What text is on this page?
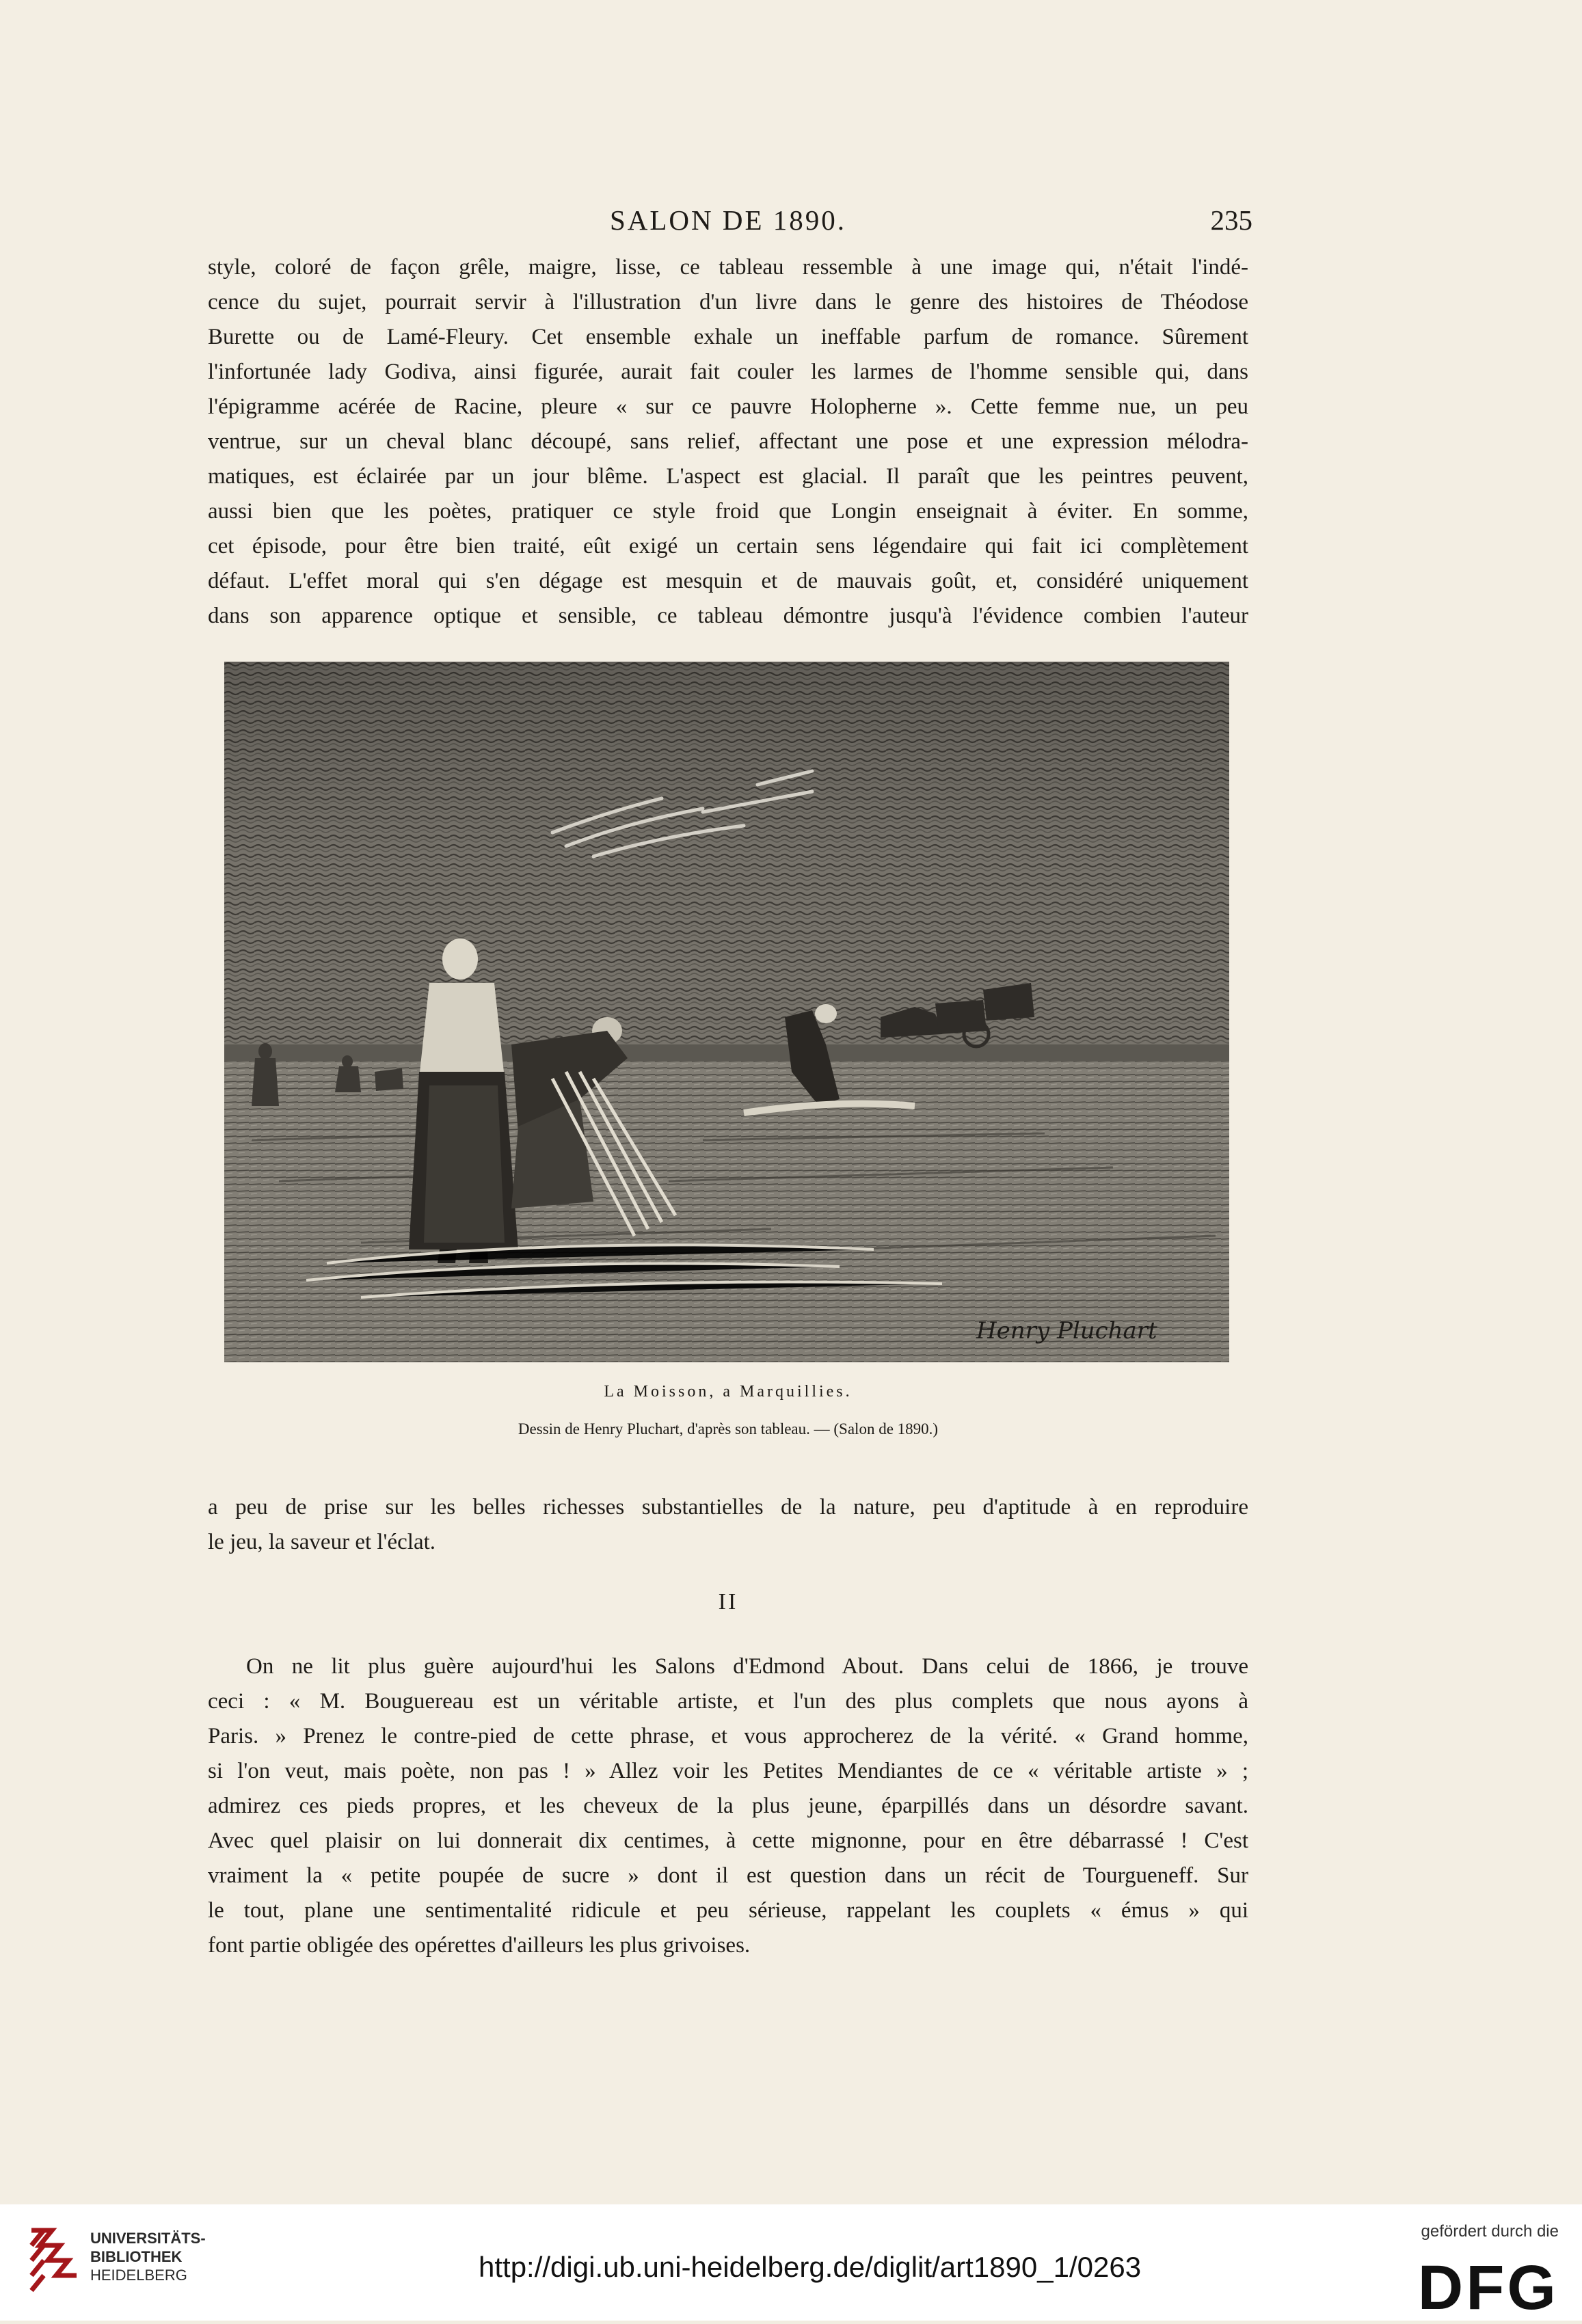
SALON DE 1890.	235
style, coloré de façon grêle, maigre, lisse, ce tableau ressemble à une image qui, n'était l'indé-
cence du sujet, pourrait servir à l'illustration d'un livre dans le genre des histoires de Théodose
Burette ou de Lamé-Fleury. Cet ensemble exhale un ineffable parfum de romance. Sûrement
l'infortunée lady Godiva, ainsi figurée, aurait fait couler les larmes de l'homme sensible qui, dans
l'épigramme acérée de Racine, pleure « sur ce pauvre Holopherne ». Cette femme nue, un peu
ventrue, sur un cheval blanc découpé, sans relief, affectant une pose et une expression mélodra-
matiques, est éclairée par un jour blême. L'aspect est glacial. Il paraît que les peintres peuvent,
aussi bien que les poètes, pratiquer ce style froid que Longin enseignait à éviter. En somme,
cet épisode, pour être bien traité, eût exigé un certain sens légendaire qui fait ici complètement
défaut. L'effet moral qui s'en dégage est mesquin et de mauvais goût, et, considéré uniquement
dans son apparence optique et sensible, ce tableau démontre jusqu'à l'évidence combien l'auteur
Henry Pluchart
La Moisson, a Marquillies.
Dessin de Henry Pluchart, d'après son tableau. — (Salon de 1890.)
a peu de prise sur les belles richesses substantielles de la nature, peu d'aptitude à en reproduire
le jeu, la saveur et l'éclat.
II
On ne lit plus guère aujourd'hui les Salons d'Edmond About. Dans celui de 1866, je trouve
ceci : « M. Bouguereau est un véritable artiste, et l'un des plus complets que nous ayons à
Paris. » Prenez le contre-pied de cette phrase, et vous approcherez de la vérité. « Grand homme,
si l'on veut, mais poète, non pas ! » Allez voir les Petites Mendiantes de ce « véritable artiste » ;
admirez ces pieds propres, et les cheveux de la plus jeune, éparpillés dans un désordre savant.
Avec quel plaisir on lui donnerait dix centimes, à cette mignonne, pour en être débarrassé ! C'est
vraiment la « petite poupée de sucre » dont il est question dans un récit de Tourgueneff. Sur
le tout, plane une sentimentalité ridicule et peu sérieuse, rappelant les couplets « émus » qui
font partie obligée des opérettes d'ailleurs les plus grivoises.
UNIVERSITÄTS-
BIBLIOTHEK
HEIDELBERG	http://digi.ub.uni-heidelberg.de/diglit/art1890_1/0263
gefördert durch die
DFG
